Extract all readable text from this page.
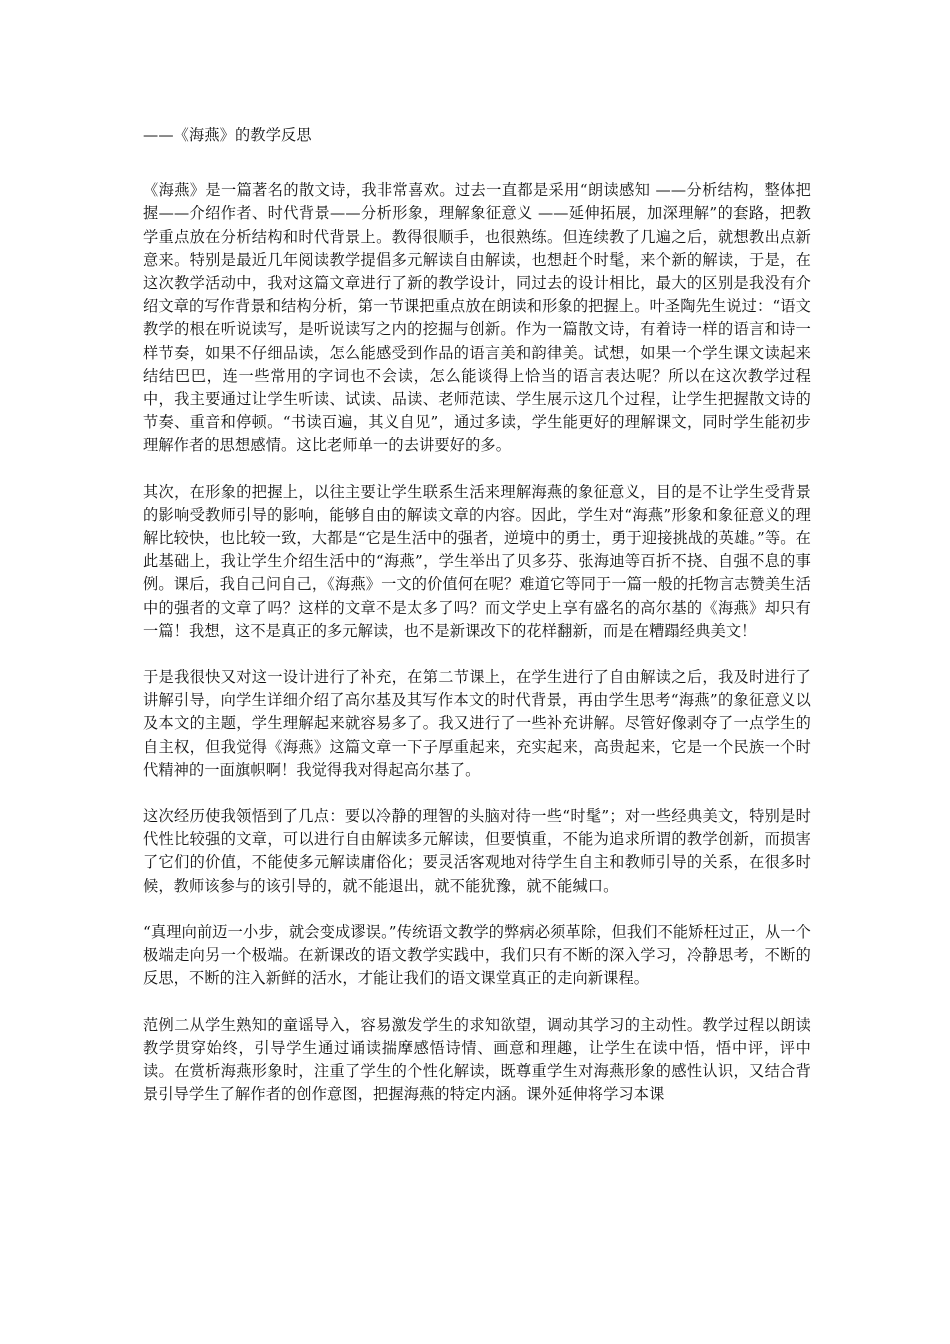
——《海燕》的教学反思
《海燕》是一篇著名的散文诗，我非常喜欢。过去一直都是采用“朗读感知 ——分析结构，整体把握——介绍作者、时代背景——分析形象，理解象征意义 ——延伸拓展，加深理解”的套路，把教学重点放在分析结构和时代背景上。教得很顺手，也很熟练。但连续教了几遍之后，就想教出点新意来。特别是最近几年阅读教学提倡多元解读自由解读，也想赶个时髦，来个新的解读，于是，在这次教学活动中，我对这篇文章进行了新的教学设计，同过去的设计相比，最大的区别是我没有介绍文章的写作背景和结构分析，第一节课把重点放在朗读和形象的把握上。叶圣陶先生说过：“语文教学的根在听说读写，是听说读写之内的挖掘与创新。作为一篇散文诗，有着诗一样的语言和诗一样节奏，如果不仔细品读，怎么能感受到作品的语言美和韵律美。试想，如果一个学生课文读起来结结巴巴，连一些常用的字词也不会读，怎么能谈得上恰当的语言表达呢？所以在这次教学过程中，我主要通过让学生听读、试读、品读、老师范读、学生展示这几个过程，让学生把握散文诗的节奏、重音和停顿。“书读百遍，其义自见”，通过多读，学生能更好的理解课文，同时学生能初步理解作者的思想感情。这比老师单一的去讲要好的多。
其次，在形象的把握上，以往主要让学生联系生活来理解海燕的象征意义，目的是不让学生受背景的影响受教师引导的影响，能够自由的解读文章的内容。因此，学生对“海燕”形象和象征意义的理解比较快，也比较一致，大都是“它是生活中的强者，逆境中的勇士，勇于迎接挑战的英雄。”等。在此基础上，我让学生介绍生活中的“海燕”，学生举出了贝多芬、张海迪等百折不挠、自强不息的事例。课后，我自己问自己，《海燕》一文的价值何在呢？难道它等同于一篇一般的托物言志赞美生活中的强者的文章了吗？这样的文章不是太多了吗？而文学史上享有盛名的高尔基的《海燕》却只有一篇！我想，这不是真正的多元解读，也不是新课改下的花样翻新，而是在糟蹋经典美文！
于是我很快又对这一设计进行了补充，在第二节课上，在学生进行了自由解读之后，我及时进行了讲解引导，向学生详细介绍了高尔基及其写作本文的时代背景，再由学生思考“海燕”的象征意义以及本文的主题，学生理解起来就容易多了。我又进行了一些补充讲解。尽管好像剥夺了一点学生的自主权，但我觉得《海燕》这篇文章一下子厚重起来，充实起来，高贵起来，它是一个民族一个时代精神的一面旗帜啊！我觉得我对得起高尔基了。
这次经历使我领悟到了几点：要以冷静的理智的头脑对待一些“时髦”；对一些经典美文，特别是时代性比较强的文章，可以进行自由解读多元解读，但要慎重，不能为追求所谓的教学创新，而损害了它们的价值，不能使多元解读庸俗化；要灵活客观地对待学生自主和教师引导的关系，在很多时候，教师该参与的该引导的，就不能退出，就不能犹豫，就不能缄口。
“真理向前迈一小步，就会变成谬误。”传统语文教学的弊病必须革除，但我们不能矫枉过正，从一个极端走向另一个极端。在新课改的语文教学实践中，我们只有不断的深入学习，冷静思考，不断的反思，不断的注入新鲜的活水，才能让我们的语文课堂真正的走向新课程。
范例二从学生熟知的童谣导入，容易激发学生的求知欲望，调动其学习的主动性。教学过程以朗读教学贯穿始终，引导学生通过诵读揣摩感悟诗情、画意和理趣，让学生在读中悟，悟中评，评中读。在赏析海燕形象时，注重了学生的个性化解读，既尊重学生对海燕形象的感性认识，又结合背景引导学生了解作者的创作意图，把握海燕的特定内涵。课外延伸将学习本课
